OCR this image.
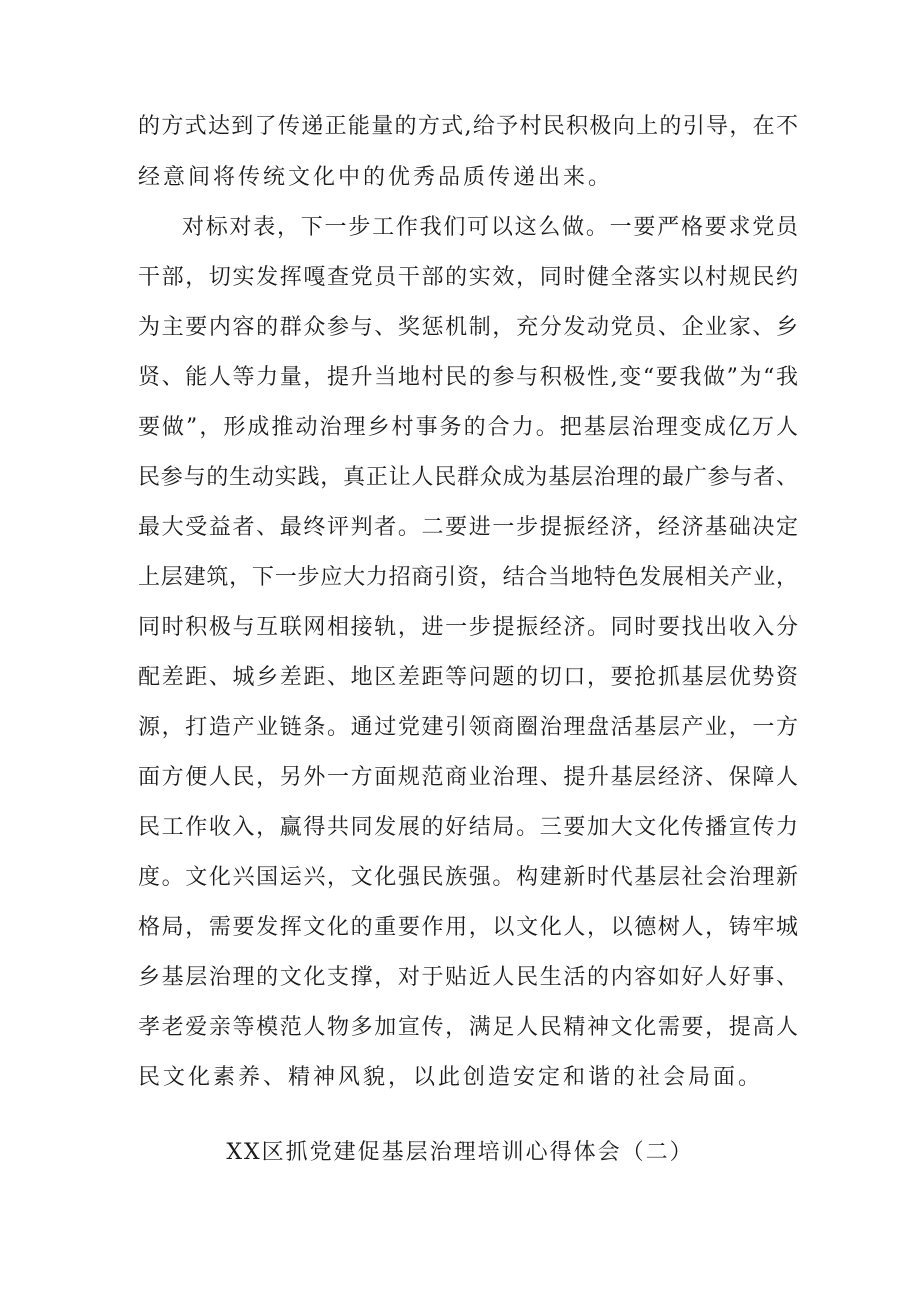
的方式达到了传递正能量的方式,给予村民积极向上的引导，在不
经意间将传统文化中的优秀品质传递出来。
对标对表，下一步工作我们可以这么做。一要严格要求党员
干部，切实发挥嘎查党员干部的实效，同时健全落实以村规民约
为主要内容的群众参与、奖惩机制，充分发动党员、企业家、乡
贤、能人等力量，提升当地村民的参与积极性,变“要我做”为“我
要做”，形成推动治理乡村事务的合力。把基层治理变成亿万人
民参与的生动实践，真正让人民群众成为基层治理的最广参与者、
最大受益者、最终评判者。二要进一步提振经济，经济基础决定
上层建筑，下一步应大力招商引资，结合当地特色发展相关产业，
同时积极与互联网相接轨，进一步提振经济。同时要找出收入分
配差距、城乡差距、地区差距等问题的切口，要抢抓基层优势资
源，打造产业链条。通过党建引领商圈治理盘活基层产业，一方
面方便人民，另外一方面规范商业治理、提升基层经济、保障人
民工作收入，赢得共同发展的好结局。三要加大文化传播宣传力
度。文化兴国运兴，文化强民族强。构建新时代基层社会治理新
格局，需要发挥文化的重要作用，以文化人，以德树人，铸牢城
乡基层治理的文化支撑，对于贴近人民生活的内容如好人好事、
孝老爱亲等模范人物多加宣传，满足人民精神文化需要，提高人
民文化素养、精神风貌，以此创造安定和谐的社会局面。
XX区抓党建促基层治理培训心得体会（二）
